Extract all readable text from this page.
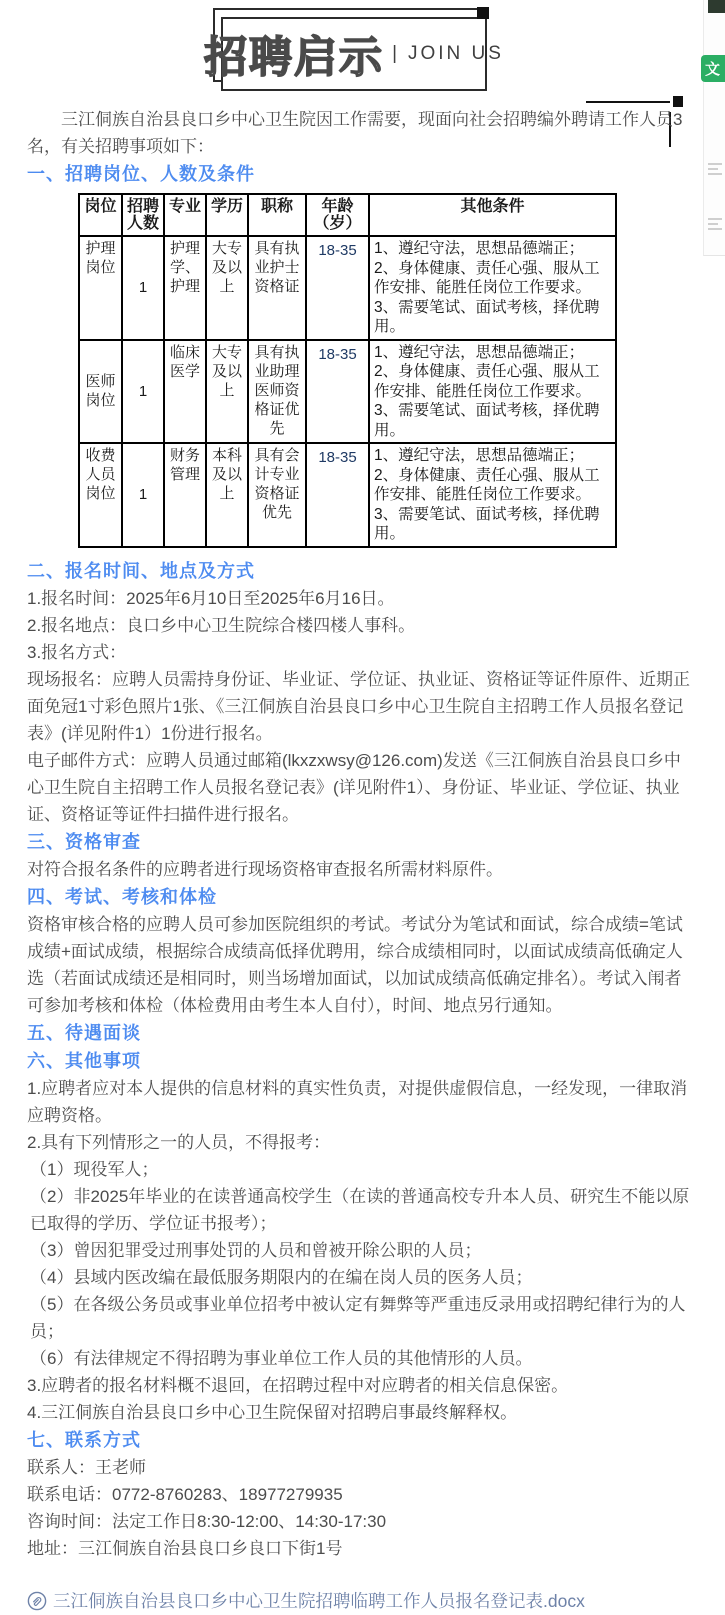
招聘启示 | JOIN US
文

三江侗族自治县良口乡中心卫生院因工作需要，现面向社会招聘编外聘请工作人员3名，有关招聘事项如下：

一、招聘岗位、人数及条件
岗位	招聘人数	专业	学历	职称	年龄（岁）	其他条件
护理岗位	1	护理学、护理	大专及以上	具有执业护士资格证	18-35	1、遵纪守法，思想品德端正；
2、身体健康、责任心强、服从工作安排、能胜任岗位工作要求。
3、需要笔试、面试考核，择优聘用。

医师岗位	1	临床医学	大专及以上	具有执业助理医师资格证优先	18-35	1、遵纪守法，思想品德端正；
2、身体健康、责任心强、服从工作安排、能胜任岗位工作要求。
3、需要笔试、面试考核，择优聘用。

收费人员岗位	1	财务管理	本科及以上	具有会计专业资格证优先	18-35	1、遵纪守法，思想品德端正；
2、身体健康、责任心强、服从工作安排、能胜任岗位工作要求。
3、需要笔试、面试考核，择优聘用。
二、报名时间、地点及方式

1.报名时间：2025年6月10日至2025年6月16日。

2.报名地点：良口乡中心卫生院综合楼四楼人事科。

3.报名方式：

现场报名：应聘人员需持身份证、毕业证、学位证、执业证、资格证等证件原件、近期正面免冠1寸彩色照片1张、《三江侗族自治县良口乡中心卫生院自主招聘工作人员报名登记表》(详见附件1）1份进行报名。

电子邮件方式：应聘人员通过邮箱(lkxzxwsy@126.com)发送《三江侗族自治县良口乡中心卫生院自主招聘工作人员报名登记表》(详见附件1）、身份证、毕业证、学位证、执业证、资格证等证件扫描件进行报名。

三、资格审查

对符合报名条件的应聘者进行现场资格审查报名所需材料原件。

四、考试、考核和体检

资格审核合格的应聘人员可参加医院组织的考试。考试分为笔试和面试，综合成绩=笔试成绩+面试成绩，根据综合成绩高低择优聘用，综合成绩相同时，以面试成绩高低确定人选（若面试成绩还是相同时，则当场增加面试，以加试成绩高低确定排名）。考试入闱者可参加考核和体检（体检费用由考生本人自付），时间、地点另行通知。

五、待遇面谈
六、其他事项

1.应聘者应对本人提供的信息材料的真实性负责，对提供虚假信息，一经发现，一律取消应聘资格。

2.具有下列情形之一的人员，不得报考：

（1）现役军人；

（2）非2025年毕业的在读普通高校学生（在读的普通高校专升本人员、研究生不能以原已取得的学历、学位证书报考）；

（3）曾因犯罪受过刑事处罚的人员和曾被开除公职的人员；

（4）县域内医改编在最低服务期限内的在编在岗人员的医务人员；

（5）在各级公务员或事业单位招考中被认定有舞弊等严重违反录用或招聘纪律行为的人员；

（6）有法律规定不得招聘为事业单位工作人员的其他情形的人员。

3.应聘者的报名材料概不退回，在招聘过程中对应聘者的相关信息保密。

4.三江侗族自治县良口乡中心卫生院保留对招聘启事最终解释权。

七、联系方式

联系人：王老师

联系电话：0772-8760283、18977279935

咨询时间：法定工作日8:30-12:00、14:30-17:30

地址：三江侗族自治县良口乡良口下街1号

三江侗族自治县良口乡中心卫生院招聘临聘工作人员报名登记表.docx
